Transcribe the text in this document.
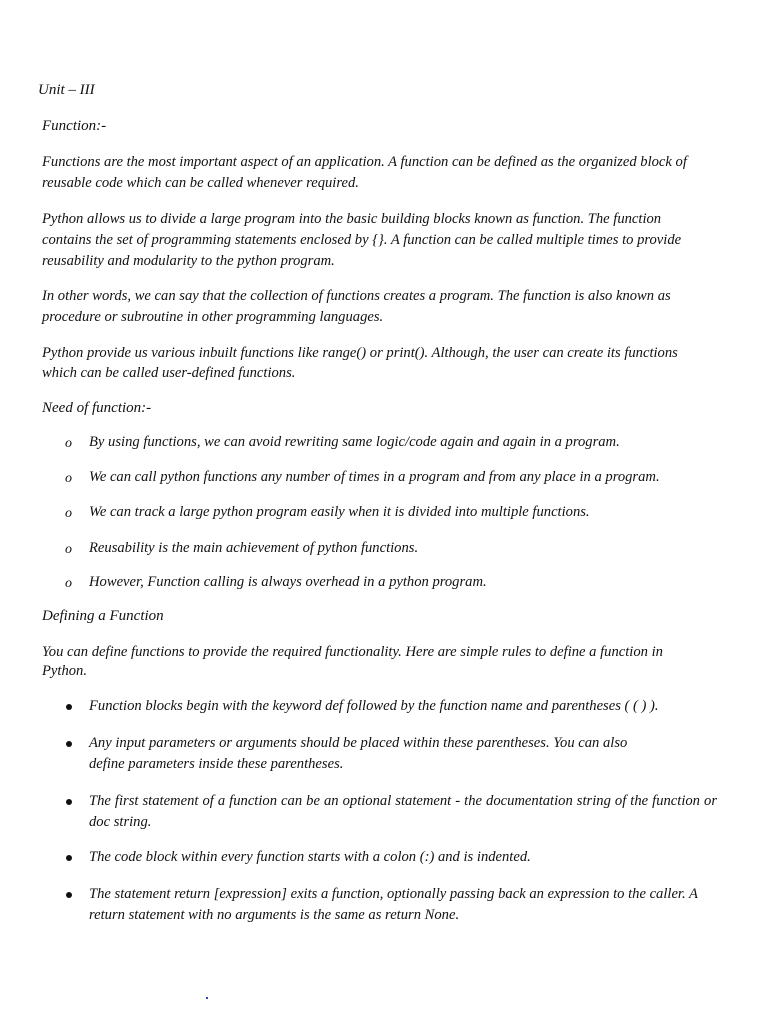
Unit – III

Function:-

Functions are the most important aspect of an application. A function can be defined as the organized block of

reusable code which can be called whenever required.

Python allows us to divide a large program into the basic building blocks known as function. The function

contains the set of programming statements enclosed by {}. A function can be called multiple times to provide

reusability and modularity to the python program.

In other words, we can say that the collection of functions creates a program. The function is also known as

procedure or subroutine in other programming languages.

Python provide us various inbuilt functions like range() or print(). Although, the user can create its functions

which can be called user-defined functions.

Need of function:-

o By using functions, we can avoid rewriting same logic/code again and again in a program.

o We can call python functions any number of times in a program and from any place in a program.

o We can track a large python program easily when it is divided into multiple functions.

o Reusability is the main achievement of python functions.

o However, Function calling is always overhead in a python program.

Defining a Function

You can define functions to provide the required functionality. Here are simple rules to define a function in

Python.

Function blocks begin with the keyword def followed by the function name and parentheses ( ( ) ).

Any input parameters or arguments should be placed within these parentheses. You can also

define parameters inside these parentheses.

The first statement of a function can be an optional statement - the documentation string of the function or doc string.

The code block within every function starts with a colon (:) and is indented.

The statement return [expression] exits a function, optionally passing back an expression to the caller. A

return statement with no arguments is the same as return None.
